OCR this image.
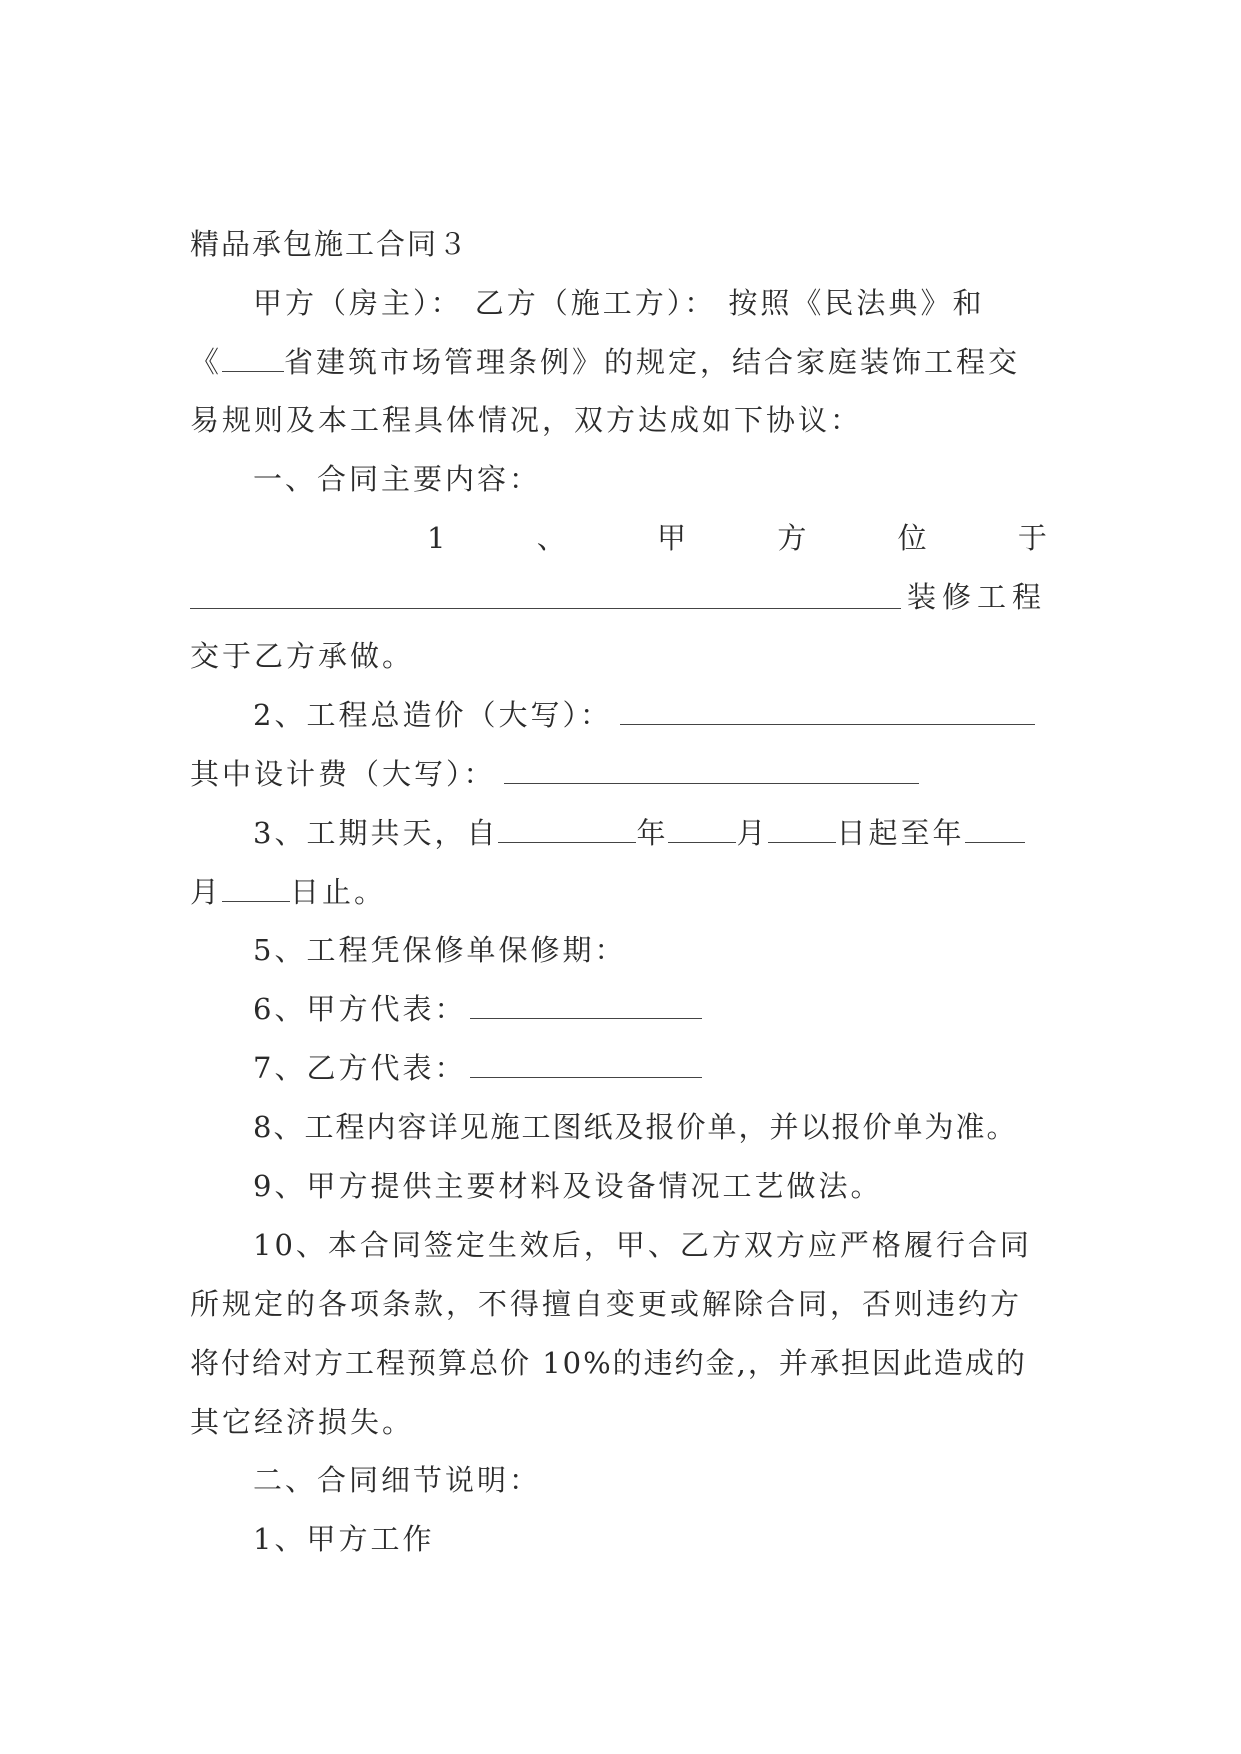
精品承包施工合同３
甲方（房主）： 乙方（施工方）： 按照《民法典》和
《 省建筑市场管理条例》的规定，结合家庭装饰工程交
易规则及本工程具体情况，双方达成如下协议：
一、合同主要内容：
1	、	甲	方	位	于
装修工程
交于乙方承做。
2、工程总造价（大写）：
其中设计费（大写）：
3、工期共天，自	年 月 日起至年
月 日止。
5、工程凭保修单保修期：
6、甲方代表：
7、乙方代表：
8、工程内容详见施工图纸及报价单，并以报价单为准。
9、甲方提供主要材料及设备情况工艺做法。
10、本合同签定生效后，甲、乙方双方应严格履行合同
所规定的各项条款，不得擅自变更或解除合同，否则违约方
将付给对方工程预算总价 10%的违约金,，并承担因此造成的
其它经济损失。
二、合同细节说明：
1、甲方工作
